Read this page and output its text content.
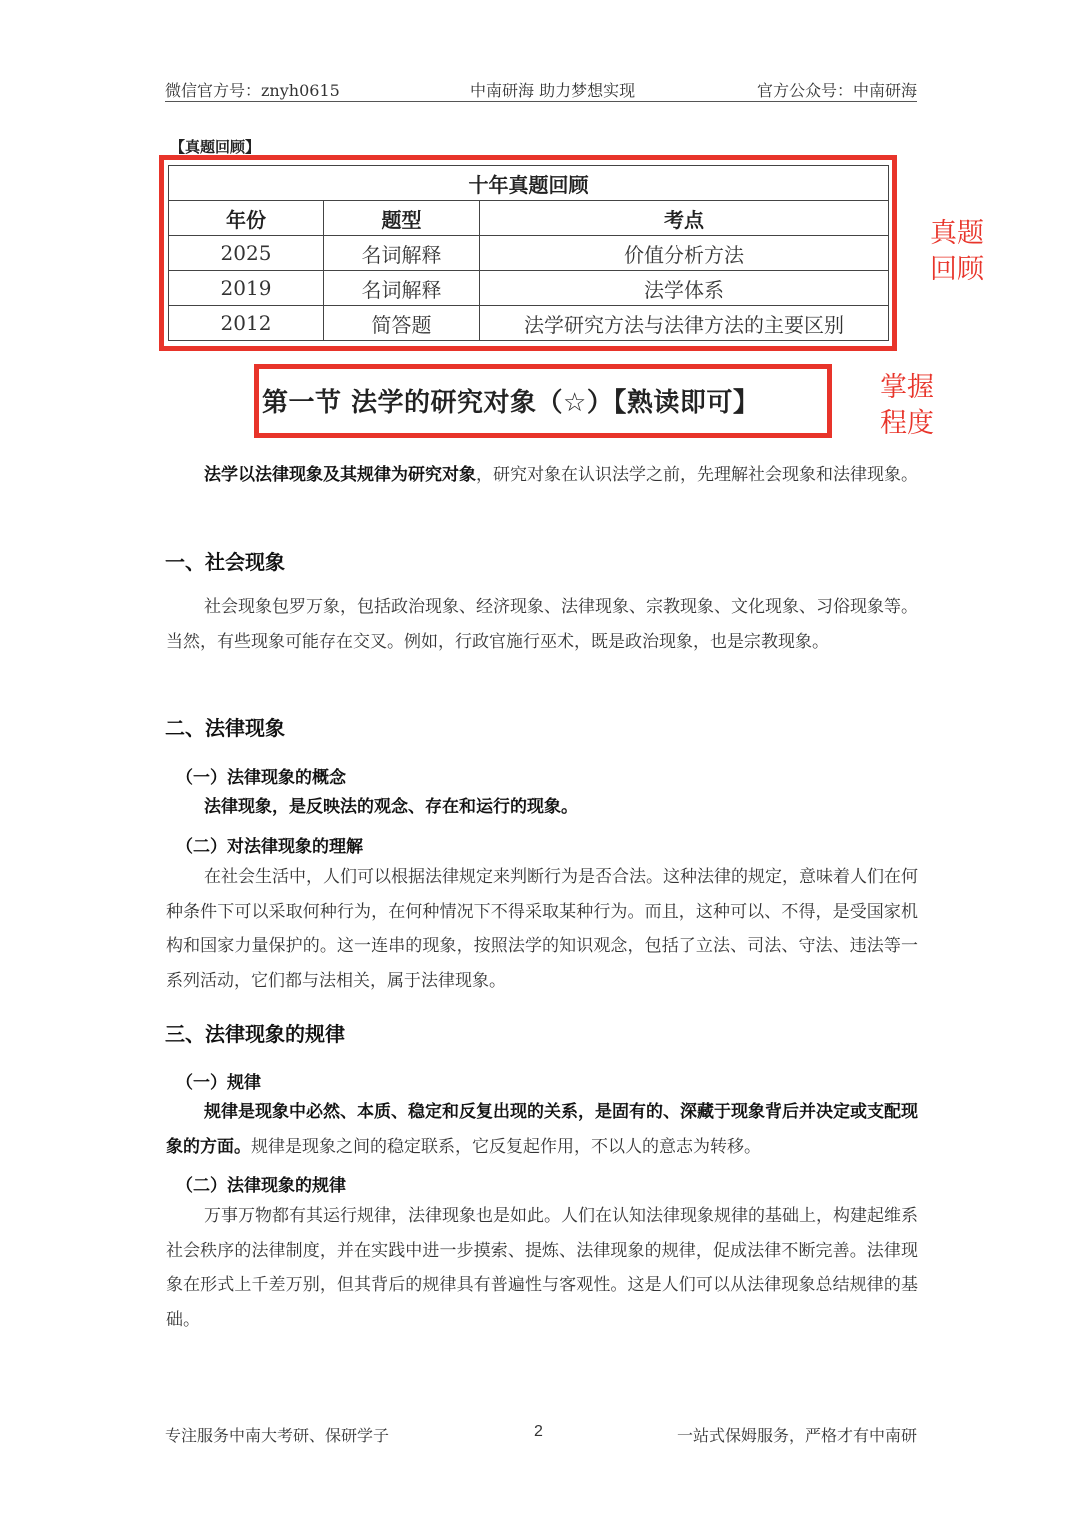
微信官方号：znyh0615	中南研海 助力梦想实现	官方公众号：中南研海
【真题回顾】
十年真题回顾		
年份	题型	考点
2025	名词解释	价值分析方法
2019	名词解释	法学体系
2012	简答题	法学研究方法与法律方法的主要区别
真题
回顾
第一节 法学的研究对象（☆）【熟读即可】	掌握
程度
法学以法律现象及其规律为研究对象，研究对象在认识法学之前，先理解社会现象和法律现象。
一、社会现象
社会现象包罗万象，包括政治现象、经济现象、法律现象、宗教现象、文化现象、习俗现象等。当然，有些现象可能存在交叉。例如，行政官施行巫术，既是政治现象，也是宗教现象。
二、法律现象
（一）法律现象的概念
法律现象，是反映法的观念、存在和运行的现象。
（二）对法律现象的理解
在社会生活中，人们可以根据法律规定来判断行为是否合法。这种法律的规定，意味着人们在何种条件下可以采取何种行为，在何种情况下不得采取某种行为。而且，这种可以、不得，是受国家机构和国家力量保护的。这一连串的现象，按照法学的知识观念，包括了立法、司法、守法、违法等一系列活动，它们都与法相关，属于法律现象。
三、法律现象的规律
（一）规律
规律是现象中必然、本质、稳定和反复出现的关系，是固有的、深藏于现象背后并决定或支配现象的方面。规律是现象之间的稳定联系，它反复起作用，不以人的意志为转移。
（二）法律现象的规律
万事万物都有其运行规律，法律现象也是如此。人们在认知法律现象规律的基础上，构建起维系社会秩序的法律制度，并在实践中进一步摸索、提炼、法律现象的规律，促成法律不断完善。法律现象在形式上千差万别，但其背后的规律具有普遍性与客观性。这是人们可以从法律现象总结规律的基础。
专注服务中南大考研、保研学子	2	一站式保姆服务，严格才有中南研
